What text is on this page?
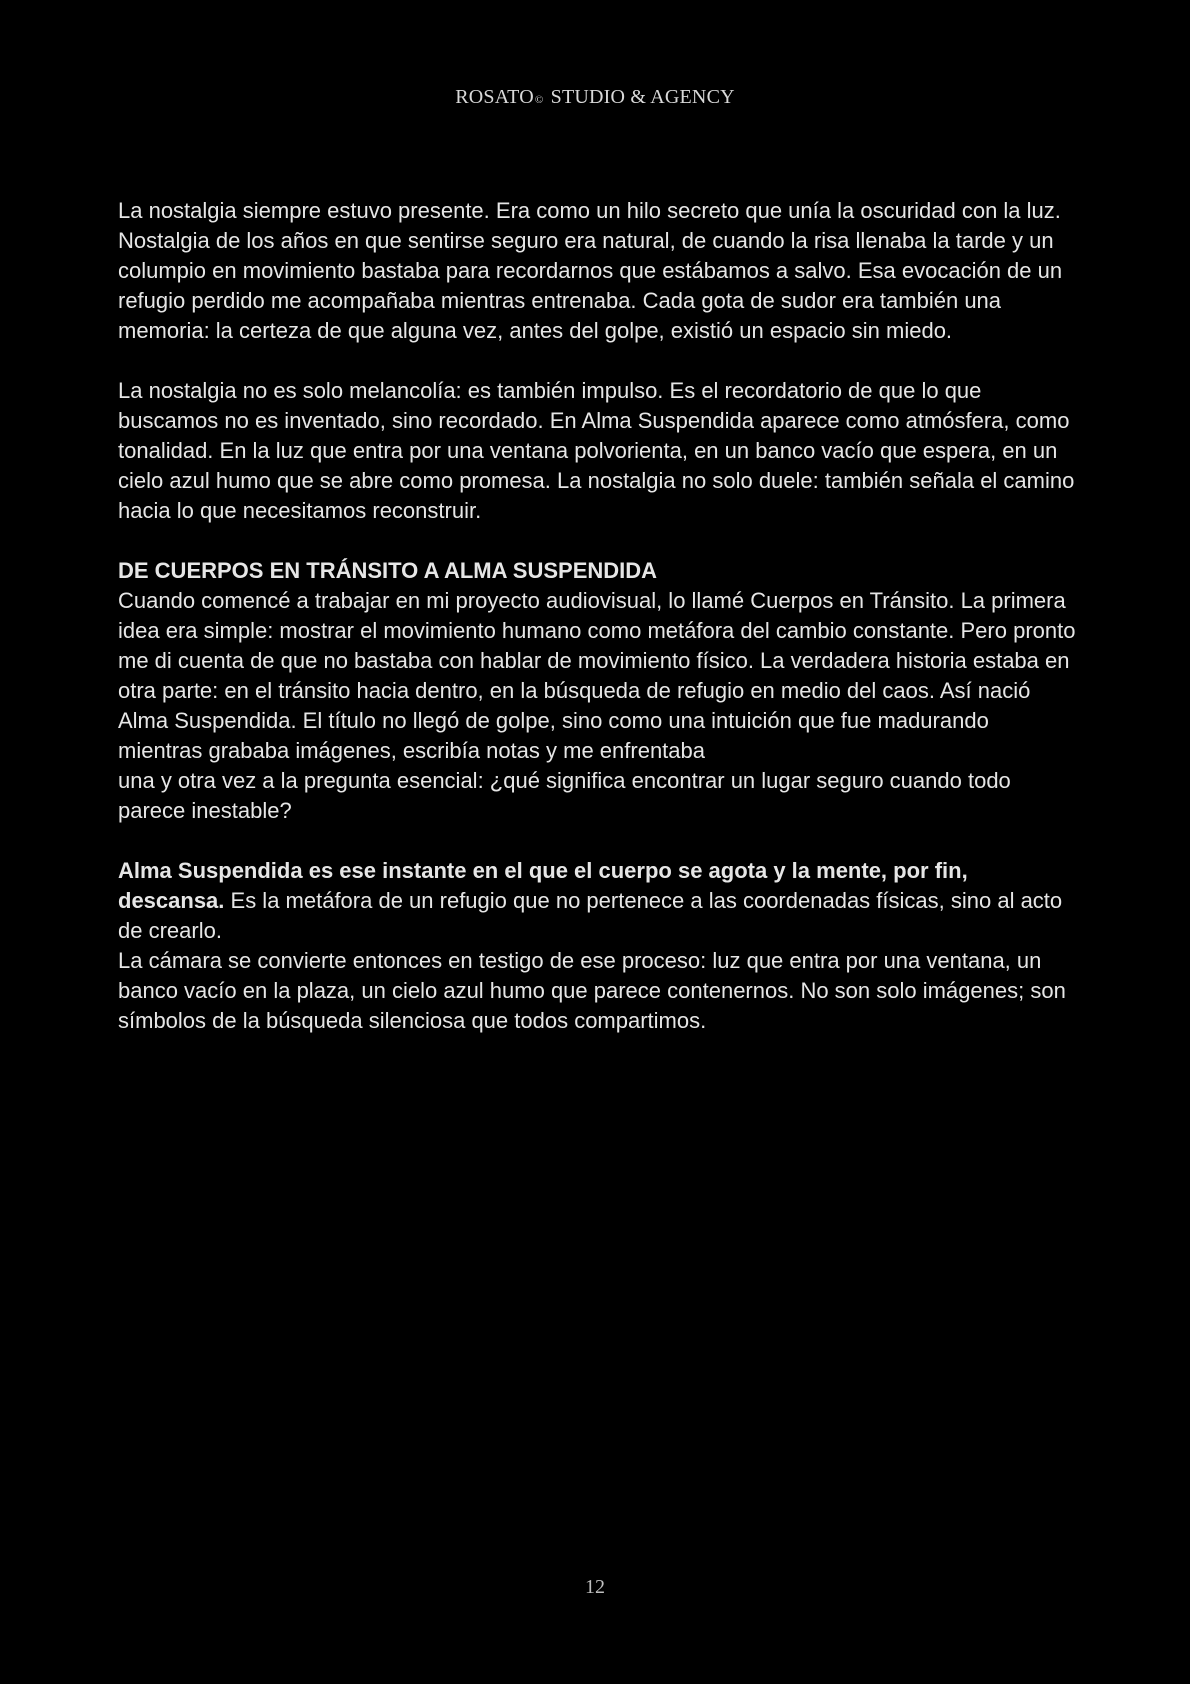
ROSATO© STUDIO & AGENCY

La nostalgia siempre estuvo presente. Era como un hilo secreto que unía la oscuridad con la luz. Nostalgia de los años en que sentirse seguro era natural, de cuando la risa llenaba la tarde y un columpio en movimiento bastaba para recordarnos que estábamos a salvo. Esa evocación de un refugio perdido me acompañaba mientras entrenaba. Cada gota de sudor era también una memoria: la certeza de que alguna vez, antes del golpe, existió un espacio sin miedo.

La nostalgia no es solo melancolía: es también impulso. Es el recordatorio de que lo que buscamos no es inventado, sino recordado. En Alma Suspendida aparece como atmósfera, como tonalidad. En la luz que entra por una ventana polvorienta, en un banco vacío que espera, en un cielo azul humo que se abre como promesa. La nostalgia no solo duele: también señala el camino hacia lo que necesitamos reconstruir.

DE CUERPOS EN TRÁNSITO A ALMA SUSPENDIDA

Cuando comencé a trabajar en mi proyecto audiovisual, lo llamé Cuerpos en Tránsito. La primera idea era simple: mostrar el movimiento humano como metáfora del cambio constante. Pero pronto me di cuenta de que no bastaba con hablar de movimiento físico. La verdadera historia estaba en otra parte: en el tránsito hacia dentro, en la búsqueda de refugio en medio del caos. Así nació Alma Suspendida. El título no llegó de golpe, sino como una intuición que fue madurando mientras grababa imágenes, escribía notas y me enfrentaba

una y otra vez a la pregunta esencial: ¿qué significa encontrar un lugar seguro cuando todo parece inestable?

Alma Suspendida es ese instante en el que el cuerpo se agota y la mente, por fin, descansa. Es la metáfora de un refugio que no pertenece a las coordenadas físicas, sino al acto de crearlo.

La cámara se convierte entonces en testigo de ese proceso: luz que entra por una ventana, un banco vacío en la plaza, un cielo azul humo que parece contenernos. No son solo imágenes; son símbolos de la búsqueda silenciosa que todos compartimos.

12
